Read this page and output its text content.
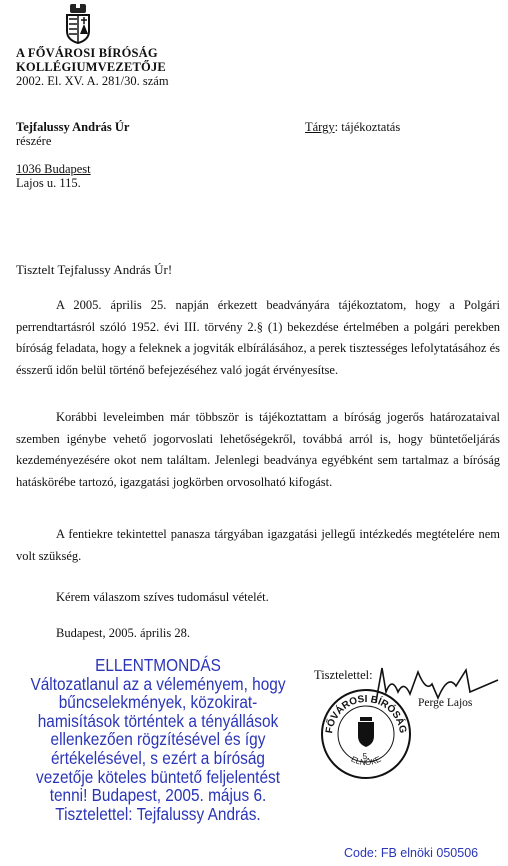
A FŐVÁROSI BÍRÓSÁG
KOLLÉGIUMVEZETŐJE
2002. El. XV. A. 281/30. szám
Tejfalussy András Úr
részére
1036 Budapest
Lajos u. 115.
Tárgy: tájékoztatás
Tisztelt Tejfalussy András Úr!
A 2005. április 25. napján érkezett beadványára tájékoztatom, hogy a Polgári perrendtartásról szóló 1952. évi III. törvény 2.§ (1) bekezdése értelmében a polgári perekben bíróság feladata, hogy a feleknek a jogviták elbírálásához, a perek tisztességes lefolytatásához és ésszerű időn belül történő befejezéséhez való jogát érvényesítse.
Korábbi leveleimben már többször is tájékoztattam a bíróság jogerős határozataival szemben igénybe vehető jogorvoslati lehetőségekről, továbbá arról is, hogy büntetőeljárás kezdeményezésére okot nem találtam. Jelenlegi beadványa egyébként sem tartalmaz a bíróság hatáskörébe tartozó, igazgatási jogkörben orvosolható kifogást.
A fentiekre tekintettel panasza tárgyában igazgatási jellegű intézkedés megtételére nem volt szükség.
Kérem válaszom szíves tudomásul vételét.
Budapest, 2005. április 28.
Tisztelettel:
FŐVÁROSI BÍRÓSÁG
ELNÖKE
5.
Perge Lajos
ELLENTMONDÁS
Változatlanul az a véleményem, hogy bűncselekmények, közokirat-hamisítások történtek a tényállások ellenkezően rögzítésével és így értékelésével, s ezért a bíróság vezetője köteles büntető feljelentést tenni! Budapest, 2005. május 6. Tisztelettel: Tejfalussy András.
Code: FB elnöki 050506
